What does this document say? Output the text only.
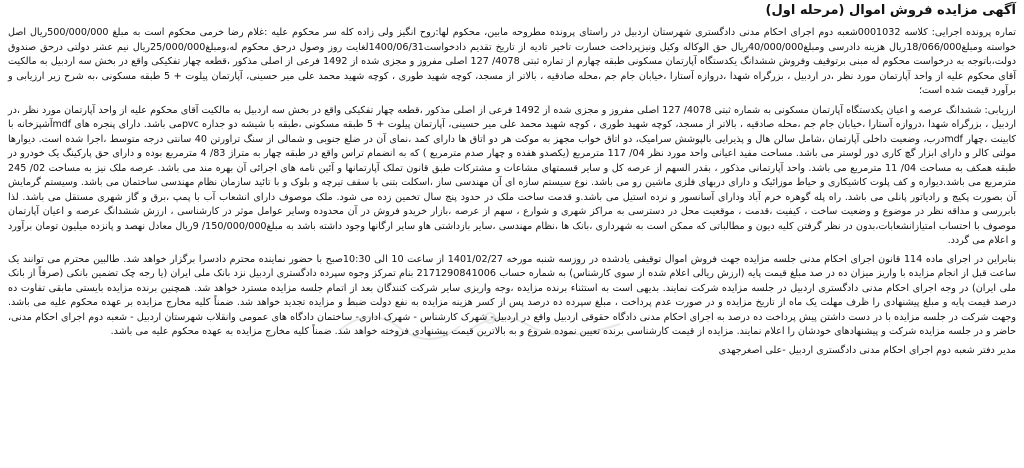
آگهی مزایده فروش اموال (مرحله اول)
تماره پرونده اجرایی: کلاسه 0001032شعبه دوم اجرای احکام مدنی دادگستری شهرستان اردبیل در راستای پرونده مطروحه مابین، محکوم لها:روح انگیز ولی زاده کله سر محکوم علیه :غلام رضا خرمی محکوم است به مبلغ 500/000/000ریال اصل خواسته ومبلغ18/066/000ریال هزینه دادرسی ومبلغ40/000/000ریال حق الوکاله وکیل ونیزپرداخت خسارت تاخیر تادیه از تاریخ تقدیم دادخواست1400/06/31لغایت روز وصول درحق محکوم له،ومبلغ25/000/000ریال نیم عشر دولتی درحق صندوق دولت،باتوجه به درخواست محکوم له مبنی برتوقیف وفروش ششدانگ یکدستگاه آپارتمان مسکونی طبقه چهارم از تماره ثبتی 4078/ 127 اصلی مفروز و مجزی شده از 1492 فرعی از اصلی مذکور ،قطعه چهار تفکیکی واقع در بخش سه اردبیل به مالکیت آقای محکوم علیه از واحد آپارتمان مورد نظر ،در اردبیل ، بزرگراه شهدا ،دروازه آستارا ،خیابان جام جم ،محله صادقیه ، بالاتر از مسجد، کوچه شهید طوری ، کوچه شهید محمد علی میر حسینی، آپارتمان پیلوت + 5 طبقه مسکونی ،به شرح زیر ارزیابی و برآورد قیمت شده است؛
ارزیابی: ششدانگ عرصه و اعیان یکدستگاه آپارتمان مسکونی به شماره ثبتی 4078/ 127 اصلی مفروز و مجزی شده از 1492 فرعی از اصلی مذکور ،قطعه چهار تفکیکی واقع در بخش سه اردبیل به مالکیت آقای محکوم علیه از واحد آپارتمان مورد نظر ،در اردبیل ، بزرگراه شهدا ،دروازه آستارا ،خیابان جام جم ،محله صادقیه ، بالاتر از مسجد، کوچه شهید طوری ، کوچه شهید محمد علی میر حسینی، آپارتمان پیلوت + 5 طبقه مسکونی ،طبقه با شیشه دو جداره pvcمی باشد. دارای پنجره های mdfآشپزخانه با کابینت ،چهار mdfدرب، وضعیت داخلی آپارتمان ،شامل سالن هال و پذیرایی بالپوشش سرامیک، دو اتاق خواب مجهز به موکت هر دو اتاق ها دارای کمد ،نمای آن در ضلع جنوبی و شمالی از سنگ تراورتن 40 سانتی درجه متوسط ،اجرا شده است. دیوارها مولتی کالر و دارای ابزار گچ کاری دور لوستر می باشد. مساحت مفید اعیانی واحد مورد نظر 04/ 117 مترمربع (یکصدو هفده و چهار صدم مترمربع ) که به انضمام تراس واقع در طبقه چهار به متراژ 83/ 4 مترمربع بوده و دارای حق پارکینگ یک خودرو در طبقه همکف به مساحت 04/ 11 مترمربع می باشد. واحد آپارتمانی مذکور ، بقدر السهم از عرصه کل و سایر قسمتهای مشاعات و مشترکات طبق قانون تملک آپارتمانها و آئین نامه های اجرائی آن بهره مند می باشد. عرصه ملک نیز به مساحت 02/ 245 مترمربع می باشد.دیواره و کف پلوت کاشیکاری و حیاط موزائیک و دارای دربهای فلزی ماشین رو می باشد. نوع سیستم سازه ای آن مهندسی ساز ،اسکلت بتنی با سقف تیرچه و بلوک و با تائید سازمان نظام مهندسی ساختمان می باشد. وسیستم گرمایش آن بصورت پکیج و رادیاتور پانلی می باشد. راه پله گوهره خرم آباد ودارای آسانسور و نرده استیل می باشد.و قدمت ساخت ملک در حدود پنج سال تخمین زده می شود. ملک موصوف دارای انشعاب آب با پمپ ،برق و گاز شهری مستقل می باشد. لذا بابررسی و مداقه نظر در موضوع و وضعیت ساخت ، کیفیت ،قدمت ، موقعیت محل در دسترسی به مراکز شهری و شوارع ، سهم از عرصه ،بازار خریدو فروش در آن محدوده وسایر عوامل موثر در کارشناسی ، ارزش ششدانگ عرصه و اعیان آپارتمان موصوف با احتساب امتیازانشعابات،بدون در نظر گرفتن کلیه دیون و مطالباتی که ممکن است به شهرداری ،بانک ها ،نظام مهندسی ،سایر بازداشتی هاو سایر ارگانها وجود داشته باشد به مبلغ150/000/000/ 9ریال معادل نهصد و پانزده میلیون تومان برآورد و اعلام می گردد.
بنابراین در اجرای ماده 114 قانون اجرای احکام مدنی جلسه مزایده جهت فروش اموال توقیفی یادشده در روزسه شنبه مورخه 1401/02/27 از ساعت 10 الی 10:30صبح با حضور نماینده محترم دادسرا برگزار خواهد شد. طالبین محترم می توانند یک ساعت قبل از انجام مزایده با واریز میزان ده در صد مبلغ قیمت پایه (ارزش ریالی اعلام شده از سوی کارشناس) به شماره حساب 2171290841006 بنام تمرکز وجوه سپرده دادگستری اردبیل نزد بانک ملی ایران (یا رجه چک تضمین بانکی (صرفاً از بانک ملی ایران) در وجه اجرای احکام مدنی دادگستری اردبیل در جلسه مزایده شرکت نمایند. بدیهی است به استثناء برنده مزایده ،وجه واریزی سایر شرکت کنندگان بعد از اتمام جلسه مزایده مسترد خواهد شد. همچنین برنده مزایده بایستی مابقی تفاوت ده درصد قیمت پایه و مبلغ پیشنهادی را ظرف مهلت یک ماه از تاریخ مزایده و در صورت عدم پرداخت ، مبلغ سپرده ده درصد پس از کسر هزینه مزایده به نفع دولت ضبط و مزایده تجدید خواهد شد. ضمناً کلیه مخارج مزایده بر عهده محکوم علیه می باشد. وجهت شرکت در جلسه مزایده با در دست داشتن پیش پرداخت ده درصد به اجرای احکام مدنی دادگاه حقوقی اردبیل واقع در اردبیل- شهرک کارشناس - شهرک اداری- ساختمان دادگاه های عمومی وانقلاب شهرستان اردبیل - شعبه دوم اجرای احکام مدنی، حاضر و در جلسه مزایده شرکت و پیشنهادهای خودشان را اعلام نمایند. مزایده از قیمت کارشناسی برنده تعیین نموده شروع و به بالاترین قیمت پیشنهادی فروخته خواهد شد. ضمناً کلیه مخارج مزایده به عهده محکوم علیه می باشد.
مدیر دفتر شعبه دوم اجرای احکام مدنی دادگستری اردبیل -علی اصغرجهدی
